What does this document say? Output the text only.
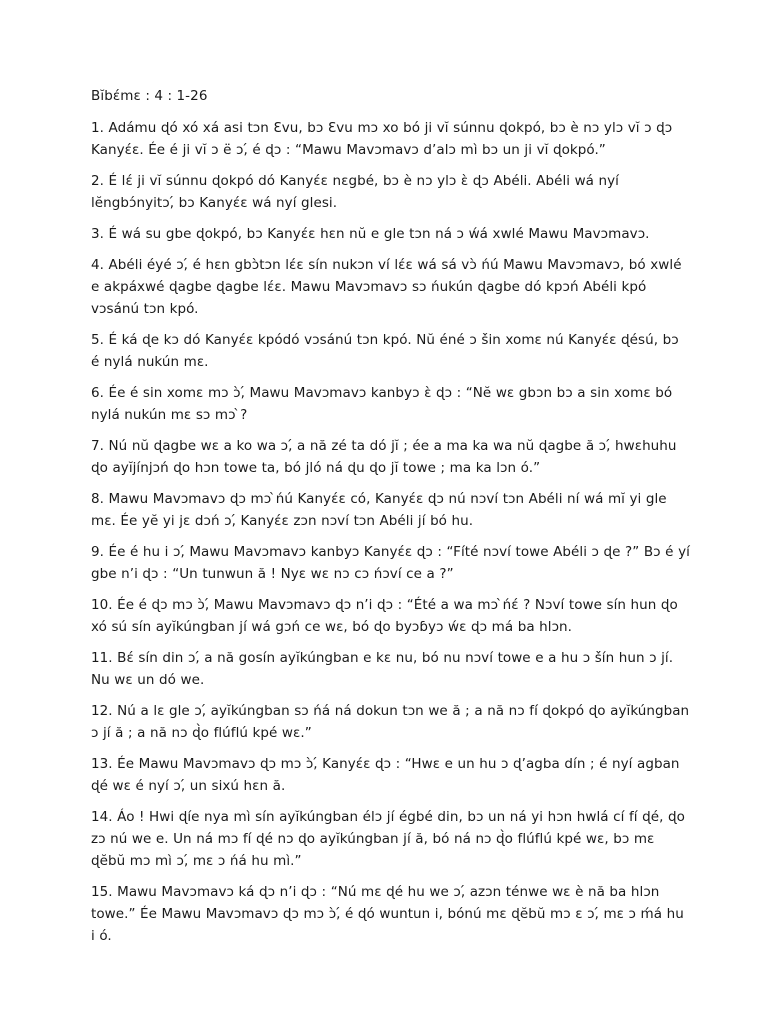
Bĭbɛ́mɛ : 4 : 1-26
1. Adámu ɖó xó xá asi tɔn Ɛvu, bɔ Ɛvu mɔ xo bó ji vĭ súnnu ɖokpó, bɔ è nɔ ylɔ vĭ ɔ ɖɔ Kanyɛ́ɛ. Ée é ji vĭ ɔ ё ɔ,́ é ɖɔ : “Mawu Mavɔmavɔ d’alɔ mì bɔ un ji vĭ ɖokpó.”
2. É lɛ́ ji vĭ súnnu ɖokpó dó Kanyɛ́ɛ nɛgbé, bɔ è nɔ ylɔ ɛ̀ ɖɔ Abéli. Abéli wá nyí lĕngbɔ́nyitɔ,́ bɔ Kanyɛ́ɛ wá nyí glesi.
3. É wá su gbe ɖokpó, bɔ Kanyɛ́ɛ hɛn nŭ e gle tɔn ná ɔ ẃá xwlé Mawu Mavɔmavɔ.
4. Abéli éyé ɔ,́ é hɛn gbɔ̀tɔn lɛ́ɛ sín nukɔn ví lɛ́ɛ wá sá vɔ̀ ńú Mawu Mavɔmavɔ, bó xwlé e akpáxwé ɖagbe ɖagbe lɛ́ɛ. Mawu Mavɔmavɔ sɔ ńukún ɖagbe dó kpɔń Abéli kpó vɔsánú tɔn kpó.
5. É ká ɖe kɔ dó Kanyɛ́ɛ kpódó vɔsánú tɔn kpó. Nŭ éné ɔ ś̀in xomɛ nú Kanyɛ́ɛ ɖésú, bɔ é nylá nukún mɛ.
6. Ée é sin xomɛ mɔ ɔ̀,́ Mawu Mavɔmavɔ kanbyɔ ɛ̀ ɖɔ : “Nĕ wɛ gbɔn bɔ a sin xomɛ bó nylá nukún mɛ sɔ mɔ ̀?
7. Nú nŭ ɖagbe wɛ a ko wa ɔ,́ a nă zé ta dó jĭ ; ée a ma ka wa nŭ ɖagbe ă ɔ,́ hwɛhuhu ɖo ayĭjínjɔń ɖo hɔn towe ta, bó jló ná ɖu ɖo jĭ towe ; ma ka lɔn ó.”
8. Mawu Mavɔmavɔ ɖɔ mɔ ̀ńú Kanyɛ́ɛ có, Kanyɛ́ɛ ɖɔ nú nɔví tɔn Abéli ní wá mĭ yi gle mɛ. Ée yĕ yi jɛ dɔń ɔ,́ Kanyɛ́ɛ zɔn nɔví tɔn Abéli jí bó hu.
9. Ée é hu i ɔ,́ Mawu Mavɔmavɔ kanbyɔ Kanyɛ́ɛ ɖɔ : “Fíté nɔví towe Abéli ɔ ɖe ?” Bɔ é yí gbe n’i ɖɔ : “Un tunwun ă ! Nyɛ wɛ nɔ cɔ ńɔví ce a ?”
10. Ée é ɖɔ mɔ ɔ̀,́ Mawu Mavɔmavɔ ɖɔ n’i ɖɔ : “Été a wa mɔ ̀ńɛ́ ? Nɔví towe sín hun ɖo xó sú sín ayĭkúngban jí wá gɔń ce wɛ, bó ɖo byɔɓyɔ ẃɛ ɖɔ má ba hlɔn.
11. Bɛ́ sín din ɔ,́ a nă gosín ayĭkúngban e kɛ nu, bó nu nɔví towe e a hu ɔ ś̀ín hun ɔ jí. Nu wɛ un dó we.
12. Nú a lɛ gle ɔ,́ ayĭkúngban sɔ ńá ná dokun tɔn we ă ; a nă nɔ fí ɖokpó ɖo ayĭkúngban ɔ jí ă ; a nă nɔ ɖ̀o flúflú kpé wɛ.”
13. Ée Mawu Mavɔmavɔ ɖɔ mɔ ɔ̀,́ Kanyɛ́ɛ ɖɔ : “Hwɛ e un hu ɔ ɖ’agba dín ; é nyí agban ɖé wɛ é nyí ɔ,́ un sixú hɛn ă.
14. Áo ! Hwi ɖíe nya mì sín ayĭkúngban élɔ jí égbé din, bɔ un ná yi hɔn hwlá cí fí ɖé, ɖo zɔ nú we e. Un ná mɔ fí ɖé nɔ ɖo ayĭkúngban jí ă, bó ná nɔ ɖ̀o flúflú kpé wɛ, bɔ mɛ ɖĕbŭ mɔ mì ɔ,́ mɛ ɔ ńá hu mì.”
15. Mawu Mavɔmavɔ ká ɖɔ n’i ɖɔ : “Nú mɛ ɖé hu we ɔ,́ azɔn ténwe wɛ è nă ba hlɔn towe.” Ée Mawu Mavɔmavɔ ɖɔ mɔ ɔ̀,́ é ɖó wuntun i, bónú mɛ ɖĕbŭ mɔ ɛ ɔ,́ mɛ ɔ ḿá hu i ó.
